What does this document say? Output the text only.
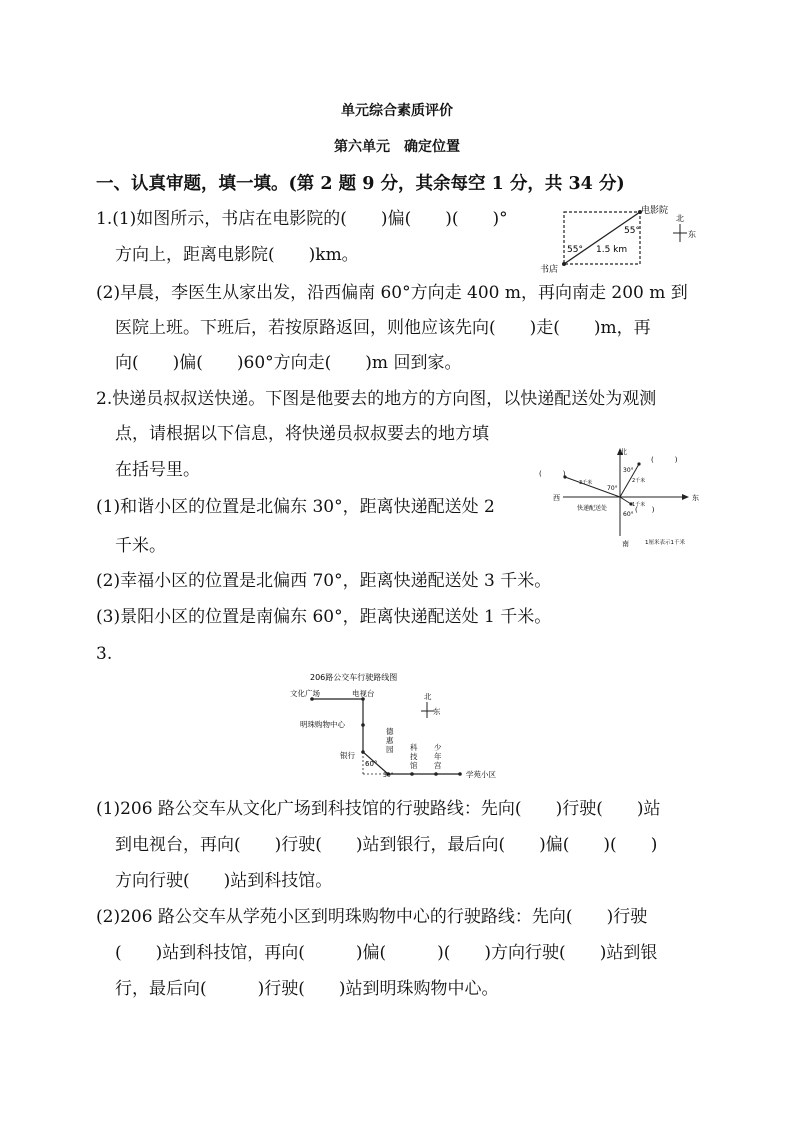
单元综合素质评价
第六单元　确定位置
一、认真审题，填一填。(第 2 题 9 分，其余每空 1 分，共 34 分)
1.(1)如图所示，书店在电影院的(　　)偏(　　)(　　)°
方向上，距离电影院(　　)km。
电影院
书店
55°
55° 1.5 km
北
东
(2)早晨，李医生从家出发，沿西偏南 60°方向走 400 m，再向南走 200 m 到
医院上班。下班后，若按原路返回，则他应该先向(　　)走(　　)m，再
向(　　)偏(　　)60°方向走(　　)m 回到家。
2.快递员叔叔送快递。下图是他要去的地方的方向图，以快递配送处为观测
点，请根据以下信息，将快递员叔叔要去的地方填
在括号里。
(1)和谐小区的位置是北偏东 30°，距离快递配送处 2
千米。
(2)幸福小区的位置是北偏西 70°，距离快递配送处 3 千米。
(3)景阳小区的位置是南偏东 60°，距离快递配送处 1 千米。
北
南
西	东
快递配送处
30°
70°
60°
2千米
3千米
1千米
(　　　)
(　　　)
(　　)
1厘米表示1千米
3.
206路公交车行驶路线图
文化广场	电视台
明珠购物中心
银行
德
惠
园 科
技
馆
少
年
宫
学苑小区
60°
30°
北
东
(1)206 路公交车从文化广场到科技馆的行驶路线：先向(　　)行驶(　　)站
到电视台，再向(　　)行驶(　　)站到银行，最后向(　　)偏(　　)(　　)
方向行驶(　　)站到科技馆。
(2)206 路公交车从学苑小区到明珠购物中心的行驶路线：先向(　　)行驶
(　　)站到科技馆，再向(　　　)偏(　　　)(　　)方向行驶(　　)站到银
行，最后向(　　　)行驶(　　)站到明珠购物中心。
